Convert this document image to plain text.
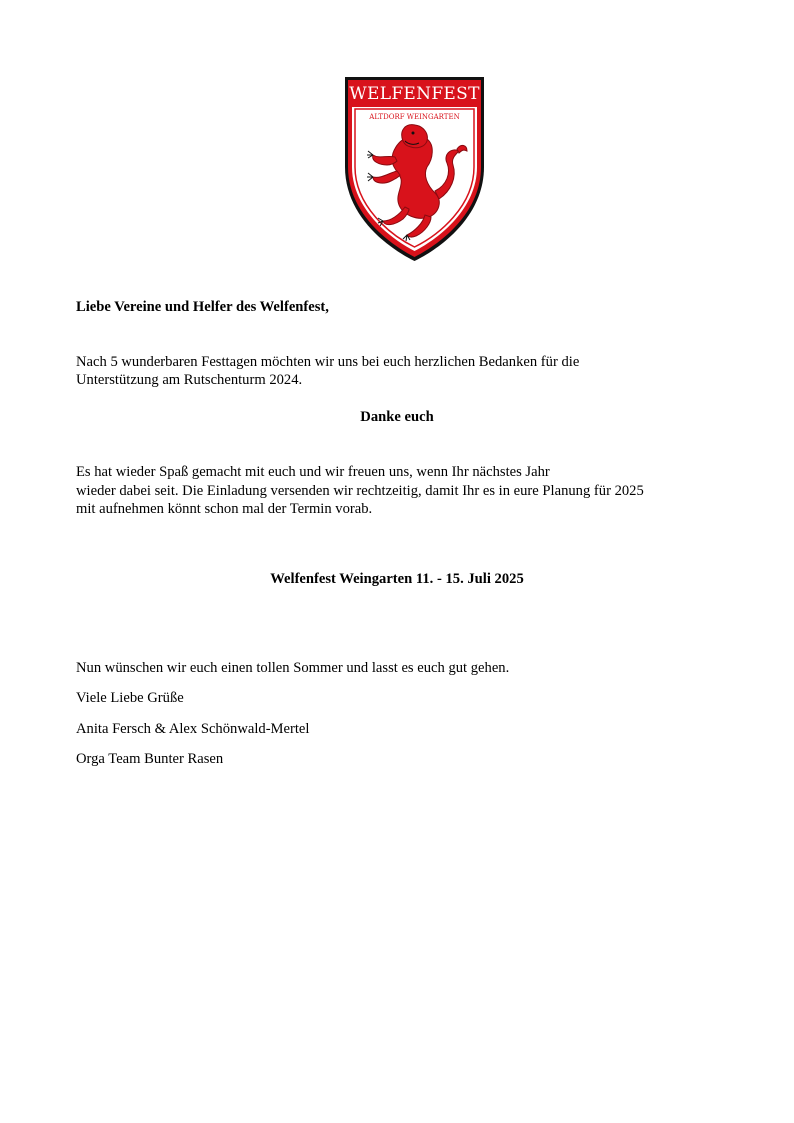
WELFENFEST
ALTDORF WEINGARTEN
Liebe Vereine und Helfer des Welfenfest,
Nach 5 wunderbaren Festtagen möchten wir uns bei euch herzlichen Bedanken für die
Unterstützung am Rutschenturm 2024.
Danke euch
Es hat wieder Spaß gemacht mit euch und wir freuen uns, wenn Ihr nächstes Jahr
wieder dabei seit. Die Einladung versenden wir rechtzeitig, damit Ihr es in eure Planung für 2025
mit aufnehmen könnt schon mal der Termin vorab.
Welfenfest Weingarten 11. - 15. Juli 2025
Nun wünschen wir euch einen tollen Sommer und lasst es euch gut gehen.
Viele Liebe Grüße
Anita Fersch & Alex Schönwald-Mertel
Orga Team Bunter Rasen
